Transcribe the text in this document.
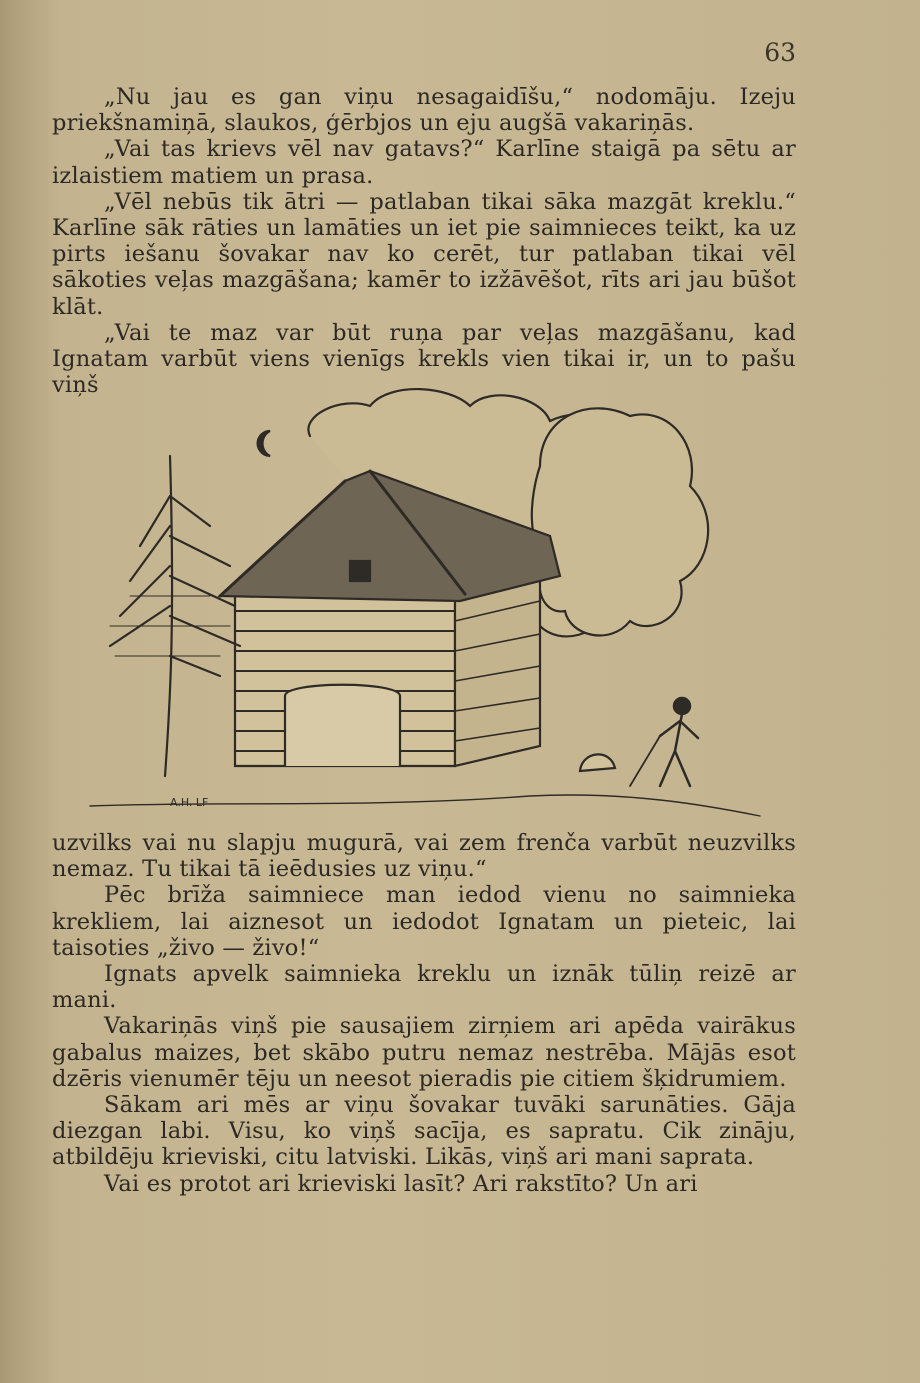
63

„Nu jau es gan viņu nesagaidīšu,“ nodomāju. Izeju priekšnamiņā, slaukos, ģērbjos un eju augšā vakariņās.

„Vai tas krievs vēl nav gatavs?“ Karlīne staigā pa sētu ar izlaistiem matiem un prasa.

„Vēl nebūs tik ātri — patlaban tikai sāka mazgāt kreklu.“ Karlīne sāk rāties un lamāties un iet pie saimnieces teikt, ka uz pirts iešanu šovakar nav ko cerēt, tur patlaban tikai vēl sākoties veļas mazgāšana; kamēr to izžāvēšot, rīts ari jau būšot klāt.

„Vai te maz var būt ruņa par veļas mazgāšanu, kad Ignatam varbūt viens vienīgs krekls vien tikai ir, un to pašu viņš

A.H. LF

uzvilks vai nu slapju mugurā, vai zem frenča varbūt neuzvilks nemaz. Tu tikai tā ieēdusies uz viņu.“

Pēc brīža saimniece man iedod vienu no saimnieka krekliem, lai aiznesot un iedodot Ignatam un pieteic, lai taisoties „živo — živo!“

Ignats apvelk saimnieka kreklu un iznāk tūliņ reizē ar mani.

Vakariņās viņš pie sausajiem zirņiem ari apēda vairākus gabalus maizes, bet skābo putru nemaz nestrēba. Mājās esot dzēris vienumēr tēju un neesot pieradis pie citiem šķidrumiem.

Sākam ari mēs ar viņu šovakar tuvāki sarunāties. Gāja diezgan labi. Visu, ko viņš sacīja, es sapratu. Cik zināju, atbildēju krieviski, citu latviski. Likās, viņš ari mani saprata.

Vai es protot ari krieviski lasīt? Ari rakstīto? Un ari
